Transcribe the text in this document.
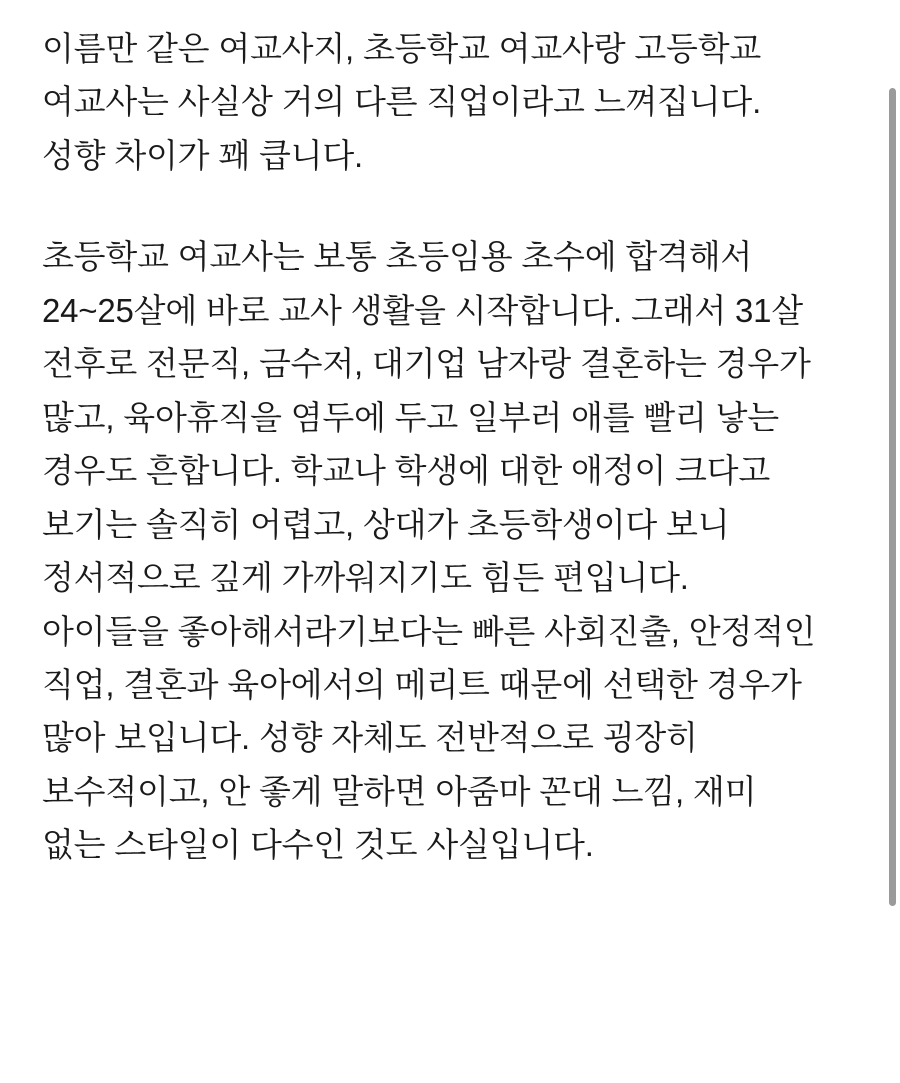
이름만 같은 여교사지, 초등학교 여교사랑 고등학교 여교사는 사실상 거의 다른 직업이라고 느껴집니다. 성향 차이가 꽤 큽니다.

초등학교 여교사는 보통 초등임용 초수에 합격해서 24~25살에 바로 교사 생활을 시작합니다. 그래서 31살 전후로 전문직, 금수저, 대기업 남자랑 결혼하는 경우가 많고, 육아휴직을 염두에 두고 일부러 애를 빨리 낳는 경우도 흔합니다. 학교나 학생에 대한 애정이 크다고 보기는 솔직히 어렵고, 상대가 초등학생이다 보니 정서적으로 깊게 가까워지기도 힘든 편입니다. 아이들을 좋아해서라기보다는 빠른 사회진출, 안정적인 직업, 결혼과 육아에서의 메리트 때문에 선택한 경우가 많아 보입니다. 성향 자체도 전반적으로 굉장히 보수적이고, 안 좋게 말하면 아줌마 꼰대 느낌, 재미 없는 스타일이 다수인 것도 사실입니다.
